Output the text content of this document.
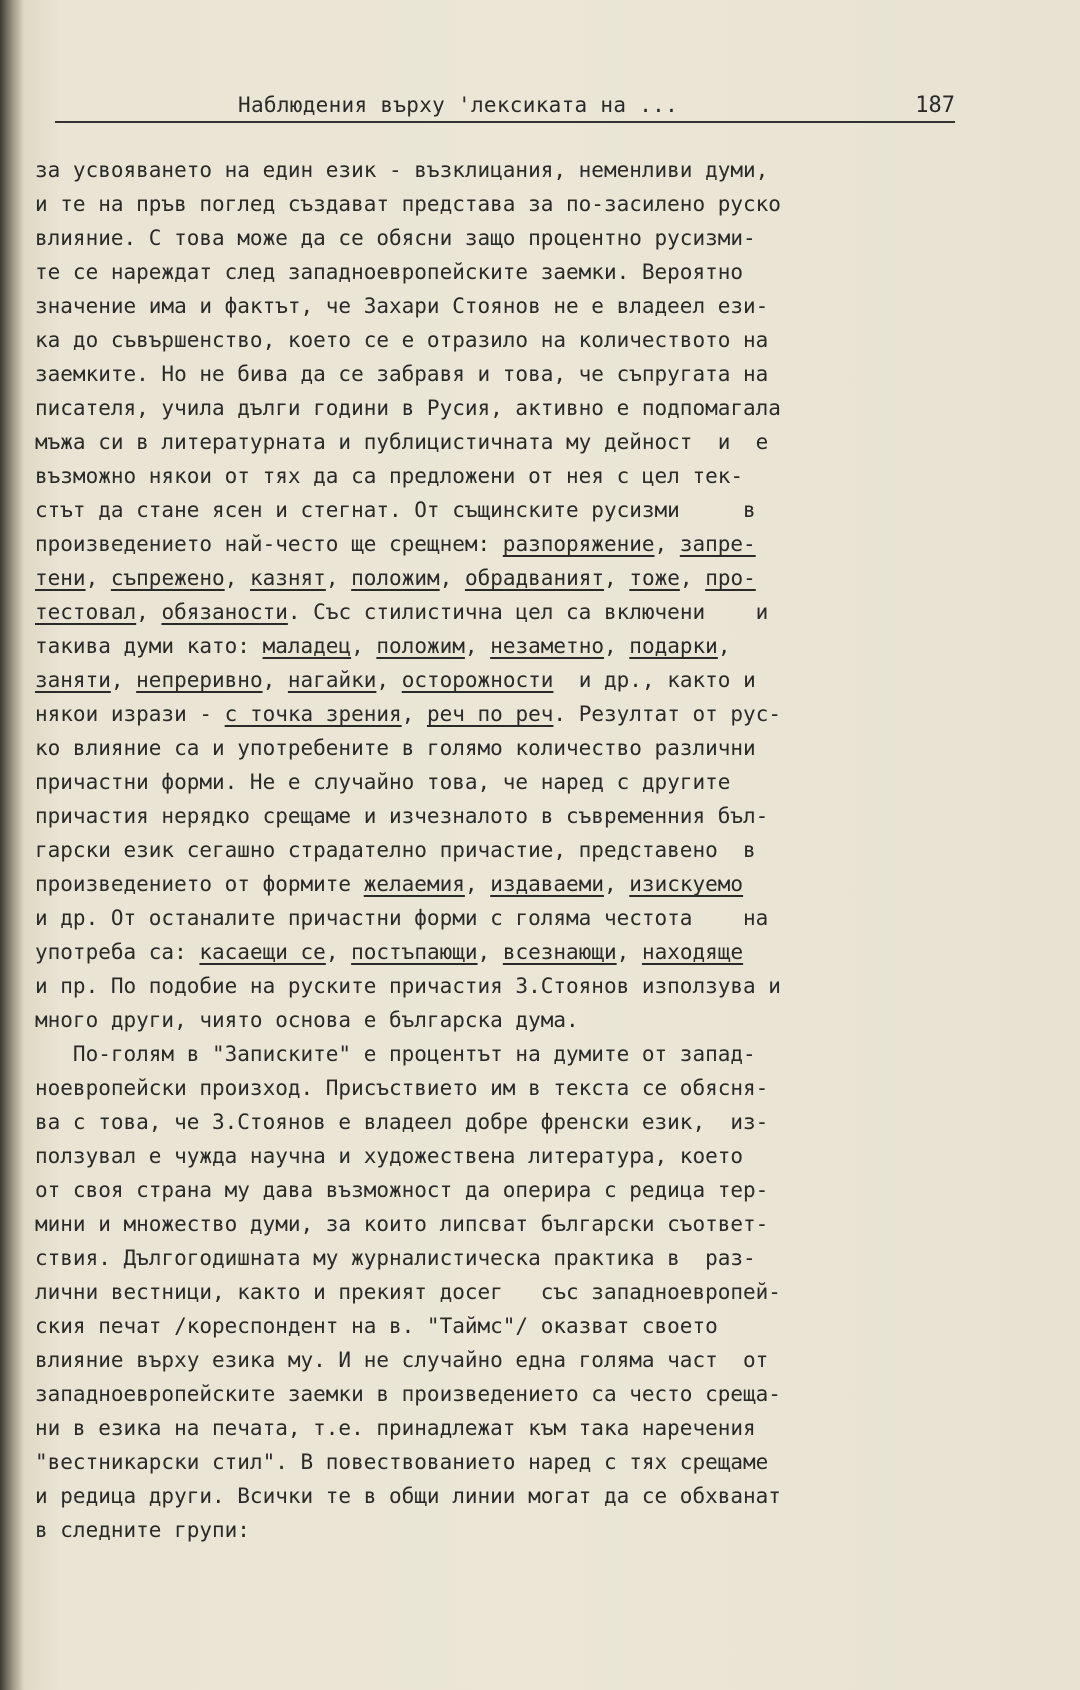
Наблюдения върху 'лексиката на ...	187
за усвояването на един език - възклицания, неменливи думи,
и те на пръв поглед създават представа за по-засилено руско
влияние. С това може да се обясни защо процентно русизми-
те се нареждат след западноевропейските заемки. Вероятно
значение има и фактът, че Захари Стоянов не е владеел ези-
ка до съвършенство, което се е отразило на количеството на
заемките. Но не бива да се забравя и това, че съпругата на
писателя, учила дълги години в Русия, активно е подпомагала
мъжа си в литературната и публицистичната му дейност  и  е
възможно някои от тях да са предложени от нея с цел тек-
стът да стане ясен и стегнат. От същинските русизми     в
произведението най-често ще срещнем: разпоряжение, запре-
тени, съпрежено, казнят, положим, обрадваният, тоже, про-
тестовал, обязаности. Със стилистична цел са включени    и
такива думи като: маладец, положим, незаметно, подарки,
заняти, непреривно, нагайки, осторожности  и др., както и
някои изрази - с точка зрения, реч по реч. Резултат от рус-
ко влияние са и употребените в голямо количество различни
причастни форми. Не е случайно това, че наред с другите
причастия нерядко срещаме и изчезналото в съвременния бъл-
гарски език сегашно страдателно причастие, представено  в
произведението от формите желаемия, издаваеми, изискуемо
и др. От останалите причастни форми с голяма честота    на
употреба са: касаещи се, постъпающи, всезнающи, находяще
и пр. По подобие на руските причастия З.Стоянов използува и
много други, чиято основа е българска дума.
По-голям в "Записките" е процентът на думите от запад-
ноевропейски произход. Присъствието им в текста се обясня-
ва с това, че З.Стоянов е владеел добре френски език,  из-
ползувал е чужда научна и художествена литература, което
от своя страна му дава възможност да оперира с редица тер-
мини и множество думи, за които липсват български съответ-
ствия. Дългогодишната му журналистическа практика в  раз-
лични вестници, както и прекият досег   със западноевропей-
ския печат /кореспондент на в. "Таймс"/ оказват своето
влияние върху езика му. И не случайно една голяма част  от
западноевропейските заемки в произведението са често среща-
ни в езика на печата, т.е. принадлежат към така наречения
"вестникарски стил". В повествованието наред с тях срещаме
и редица други. Всички те в общи линии могат да се обхванат
в следните групи:
